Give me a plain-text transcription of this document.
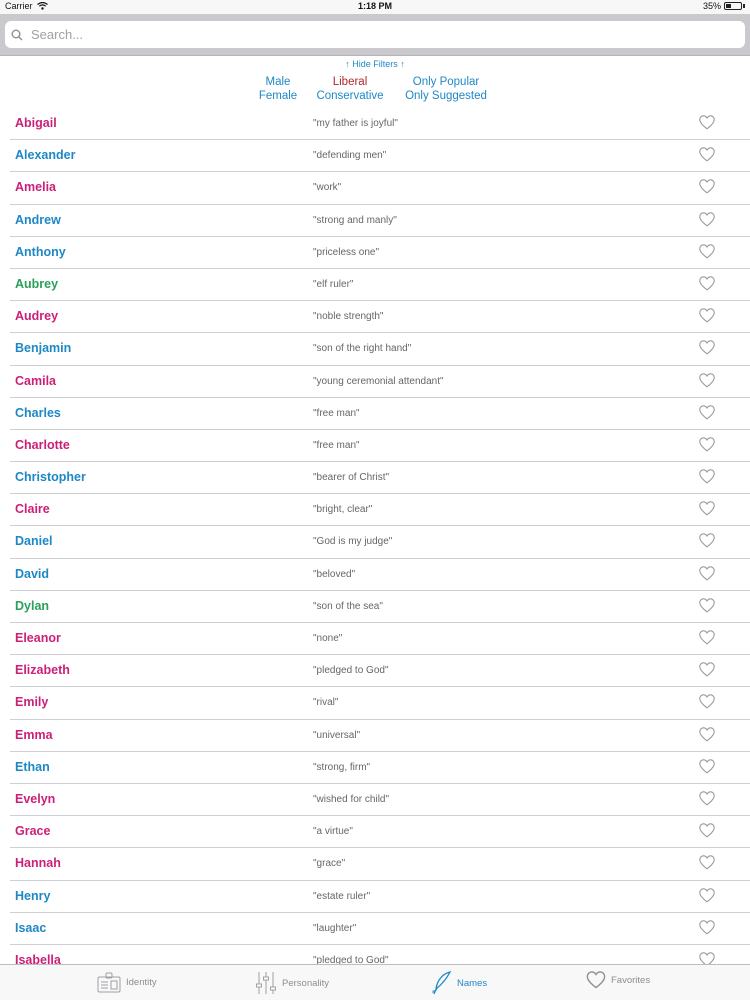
Carrier	1:18 PM	35%
Search...
↑ Hide Filters ↑
Male
Female
Liberal
Conservative
Only Popular
Only Suggested
Abigail	"my father is joyful"
Alexander	"defending men"
Amelia	"work"
Andrew	"strong and manly"
Anthony	"priceless one"
Aubrey	"elf ruler"
Audrey	"noble strength"
Benjamin	"son of the right hand"
Camila	"young ceremonial attendant"
Charles	"free man"
Charlotte	"free man"
Christopher	"bearer of Christ"
Claire	"bright, clear"
Daniel	"God is my judge"
David	"beloved"
Dylan	"son of the sea"
Eleanor	"none"
Elizabeth	"pledged to God"
Emily	"rival"
Emma	"universal"
Ethan	"strong, firm"
Evelyn	"wished for child"
Grace	"a virtue"
Hannah	"grace"
Henry	"estate ruler"
Isaac	"laughter"
Isabella	"pledged to God"
Identity	Personality	Names	Favorites
